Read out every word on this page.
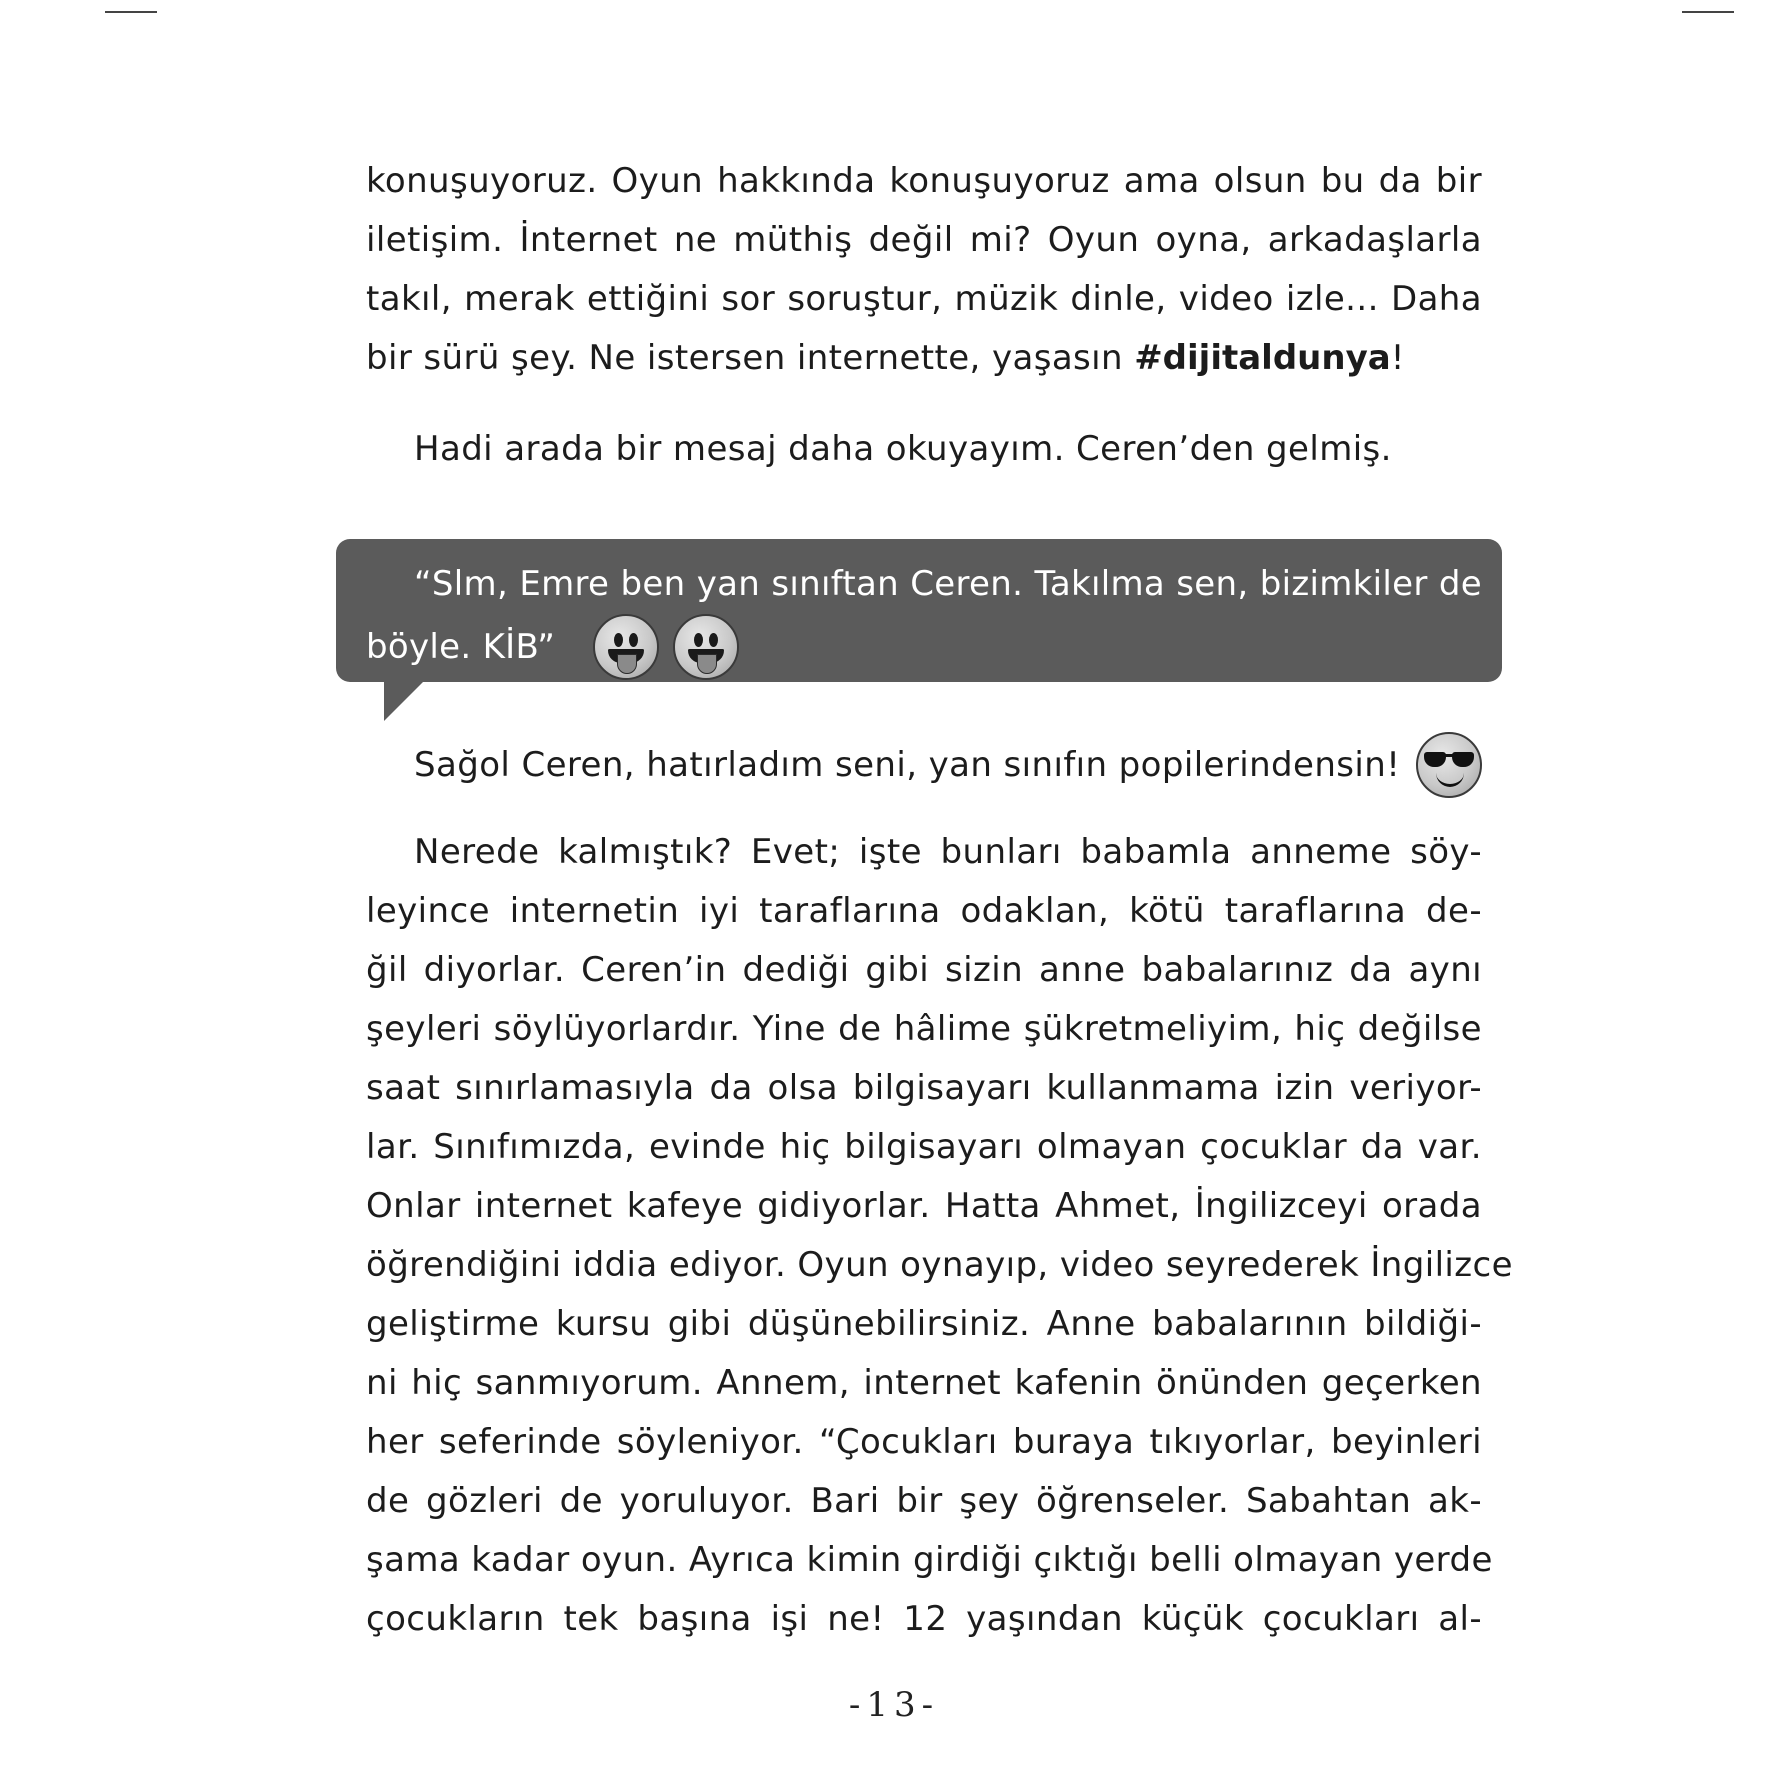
konuşuyoruz. Oyun hakkında konuşuyoruz ama olsun bu da bir
iletişim. İnternet ne müthiş değil mi? Oyun oyna, arkadaşlarla
takıl, merak ettiğini sor soruştur, müzik dinle, video izle... Daha
bir sürü şey. Ne istersen internette, yaşasın #dijitaldunya!
Hadi arada bir mesaj daha okuyayım. Ceren’den gelmiş.
“Slm, Emre ben yan sınıftan Ceren. Takılma sen, bizimkiler de
böyle. KİB”
Sağol Ceren, hatırladım seni, yan sınıfın popilerindensin!
Nerede kalmıştık? Evet; işte bunları babamla anneme söy-
leyince internetin iyi taraflarına odaklan, kötü taraflarına de-
ğil diyorlar. Ceren’in dediği gibi sizin anne babalarınız da aynı
şeyleri söylüyorlardır. Yine de hâlime şükretmeliyim, hiç değilse
saat sınırlamasıyla da olsa bilgisayarı kullanmama izin veriyor-
lar. Sınıfımızda, evinde hiç bilgisayarı olmayan çocuklar da var.
Onlar internet kafeye gidiyorlar. Hatta Ahmet, İngilizceyi orada
öğrendiğini iddia ediyor. Oyun oynayıp, video seyrederek İngilizce
geliştirme kursu gibi düşünebilirsiniz. Anne babalarının bildiği-
ni hiç sanmıyorum. Annem, internet kafenin önünden geçerken
her seferinde söyleniyor. “Çocukları buraya tıkıyorlar, beyinleri
de gözleri de yoruluyor. Bari bir şey öğrenseler. Sabahtan ak-
şama kadar oyun. Ayrıca kimin girdiği çıktığı belli olmayan yerde
çocukların tek başına işi ne! 12 yaşından küçük çocukları al-
-13-
